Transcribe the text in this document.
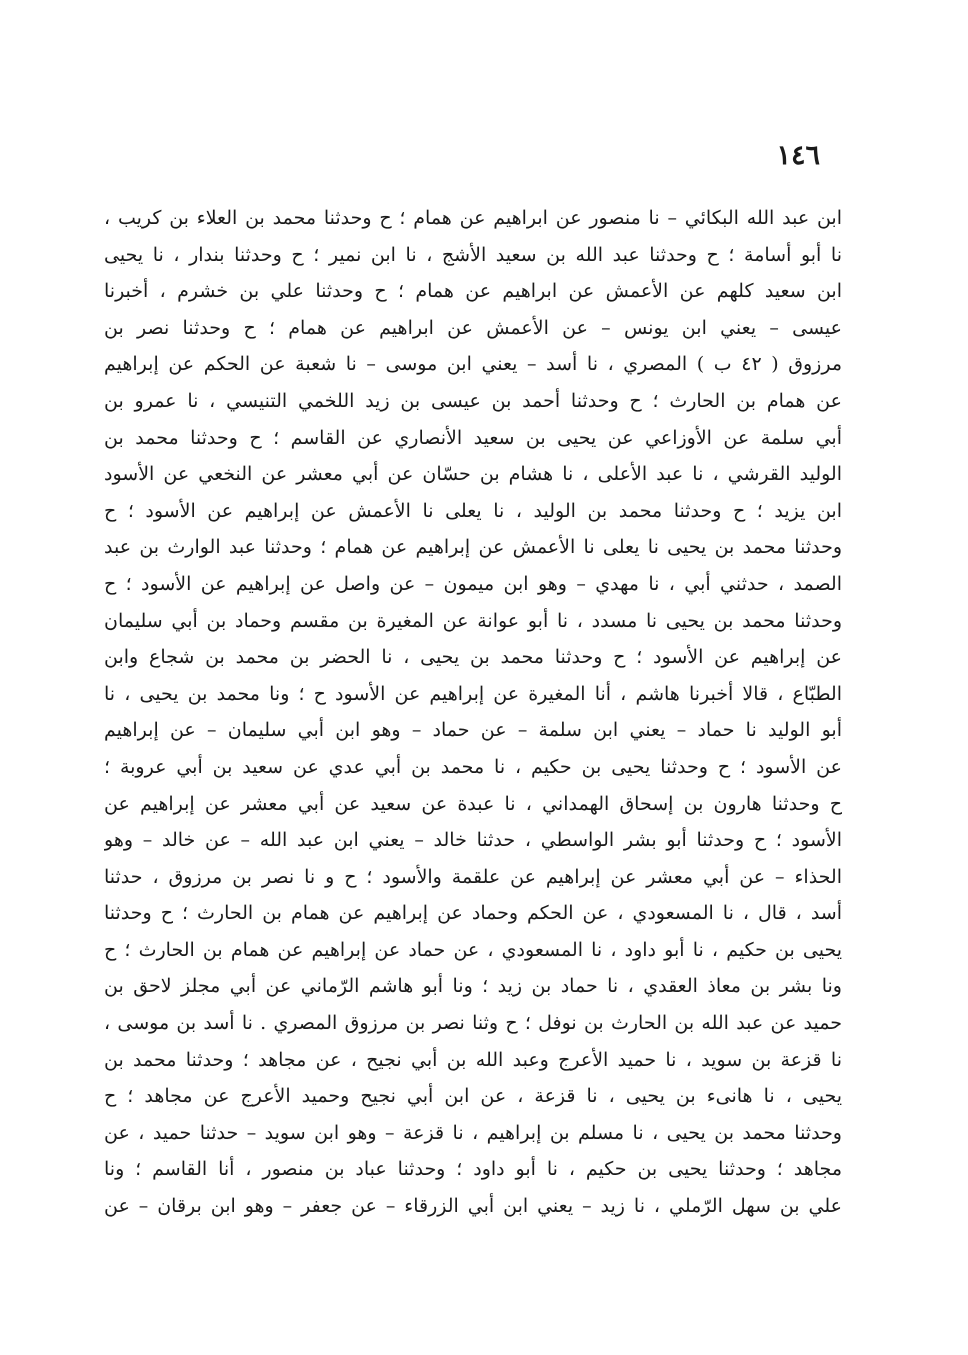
١٤٦
ابن عبد الله البكائي – نا منصور عن ابراهيم عن همام ؛ ح وحدثنا محمد بن العلاء بن كريب ،
نا أبو أسامة ؛ ح وحدثنا عبد الله بن سعيد الأشج ، نا ابن نمير ؛ ح وحدثنا بندار ، نا يحيى
ابن سعيد كلهم عن الأعمش عن ابراهيم عن همام ؛ ح وحدثنا علي بن خشرم ، أخبرنا
عيسى – يعني ابن يونس – عن الأعمش عن ابراهيم عن همام ؛ ح وحدثنا نصر بن
مرزوق ( ٤٢ ب ) المصري ، نا أسد – يعني ابن موسى – نا شعبة عن الحكم عن إبراهيم
عن همام بن الحارث ؛ ح وحدثنا أحمد بن عيسى بن زيد اللخمي التنيسي ، نا عمرو بن
أبي سلمة عن الأوزاعي عن يحيى بن سعيد الأنصاري عن القاسم ؛ ح وحدثنا محمد بن
الوليد القرشي ، نا عبد الأعلى ، نا هشام بن حسّان عن أبي معشر عن النخعي عن الأسود
ابن يزيد ؛ ح وحدثنا محمد بن الوليد ، نا يعلى نا الأعمش عن إبراهيم عن الأسود ؛ ح
وحدثنا محمد بن يحيى نا يعلى نا الأعمش عن إبراهيم عن همام ؛ وحدثنا عبد الوارث بن عبد
الصمد ، حدثني أبي ، نا مهدي – وهو ابن ميمون – عن واصل عن إبراهيم عن الأسود ؛ ح
وحدثنا محمد بن يحيى نا مسدد ، نا أبو عوانة عن المغيرة بن مقسم وحماد بن أبي سليمان
عن إبراهيم عن الأسود ؛ ح وحدثنا محمد بن يحيى ، نا الحضر بن محمد بن شجاع وابن
الطبّاع ، قالا أخبرنا هاشم ، أنا المغيرة عن إبراهيم عن الأسود ح ؛ ونا محمد بن يحيى ، نا
أبو الوليد نا حماد – يعني ابن سلمة – عن حماد – وهو ابن أبي سليمان – عن إبراهيم
عن الأسود ؛ ح وحدثنا يحيى بن حكيم ، نا محمد بن أبي عدي عن سعيد بن أبي عروبة ؛
ح وحدثنا هارون بن إسحاق الهمداني ، نا عبدة عن سعيد عن أبي معشر عن إبراهيم عن
الأسود ؛ ح وحدثنا أبو بشر الواسطي ، حدثنا خالد – يعني ابن عبد الله – عن خالد – وهو
الحذاء – عن أبي معشر عن إبراهيم عن علقمة والأسود ؛ ح و نا نصر بن مرزوق ، حدثنا
أسد ، قال ، نا المسعودي ، عن الحكم وحماد عن إبراهيم عن همام بن الحارث ؛ ح وحدثنا
يحيى بن حكيم ، نا أبو داود ، نا المسعودي ، عن حماد عن إبراهيم عن همام بن الحارث ؛ ح
ونا بشر بن معاذ العقدي ، نا حماد بن زيد ؛ ونا أبو هاشم الرّماني عن أبي مجلز لاحق بن
حميد عن عبد الله بن الحارث بن نوفل ؛ ح وثنا نصر بن مرزوق المصري . نا أسد بن موسى ،
نا قزعة بن سويد ، نا حميد الأعرج وعبد الله بن أبي نجيح ، عن مجاهد ؛ وحدثنا محمد بن
يحيى ، نا هانىء بن يحيى ، نا قزعة ، عن ابن أبي نجيح وحميد الأعرج عن مجاهد ؛ ح
وحدثنا محمد بن يحيى ، نا مسلم بن إبراهيم ، نا قزعة – وهو ابن سويد – حدثنا حميد ، عن
مجاهد ؛ وحدثنا يحيى بن حكيم ، نا أبو داود ؛ وحدثنا عباد بن منصور ، أنا القاسم ؛ ونا
علي بن سهل الرّملي ، نا زيد – يعني ابن أبي الزرقاء – عن جعفر – وهو ابن برقان – عن
